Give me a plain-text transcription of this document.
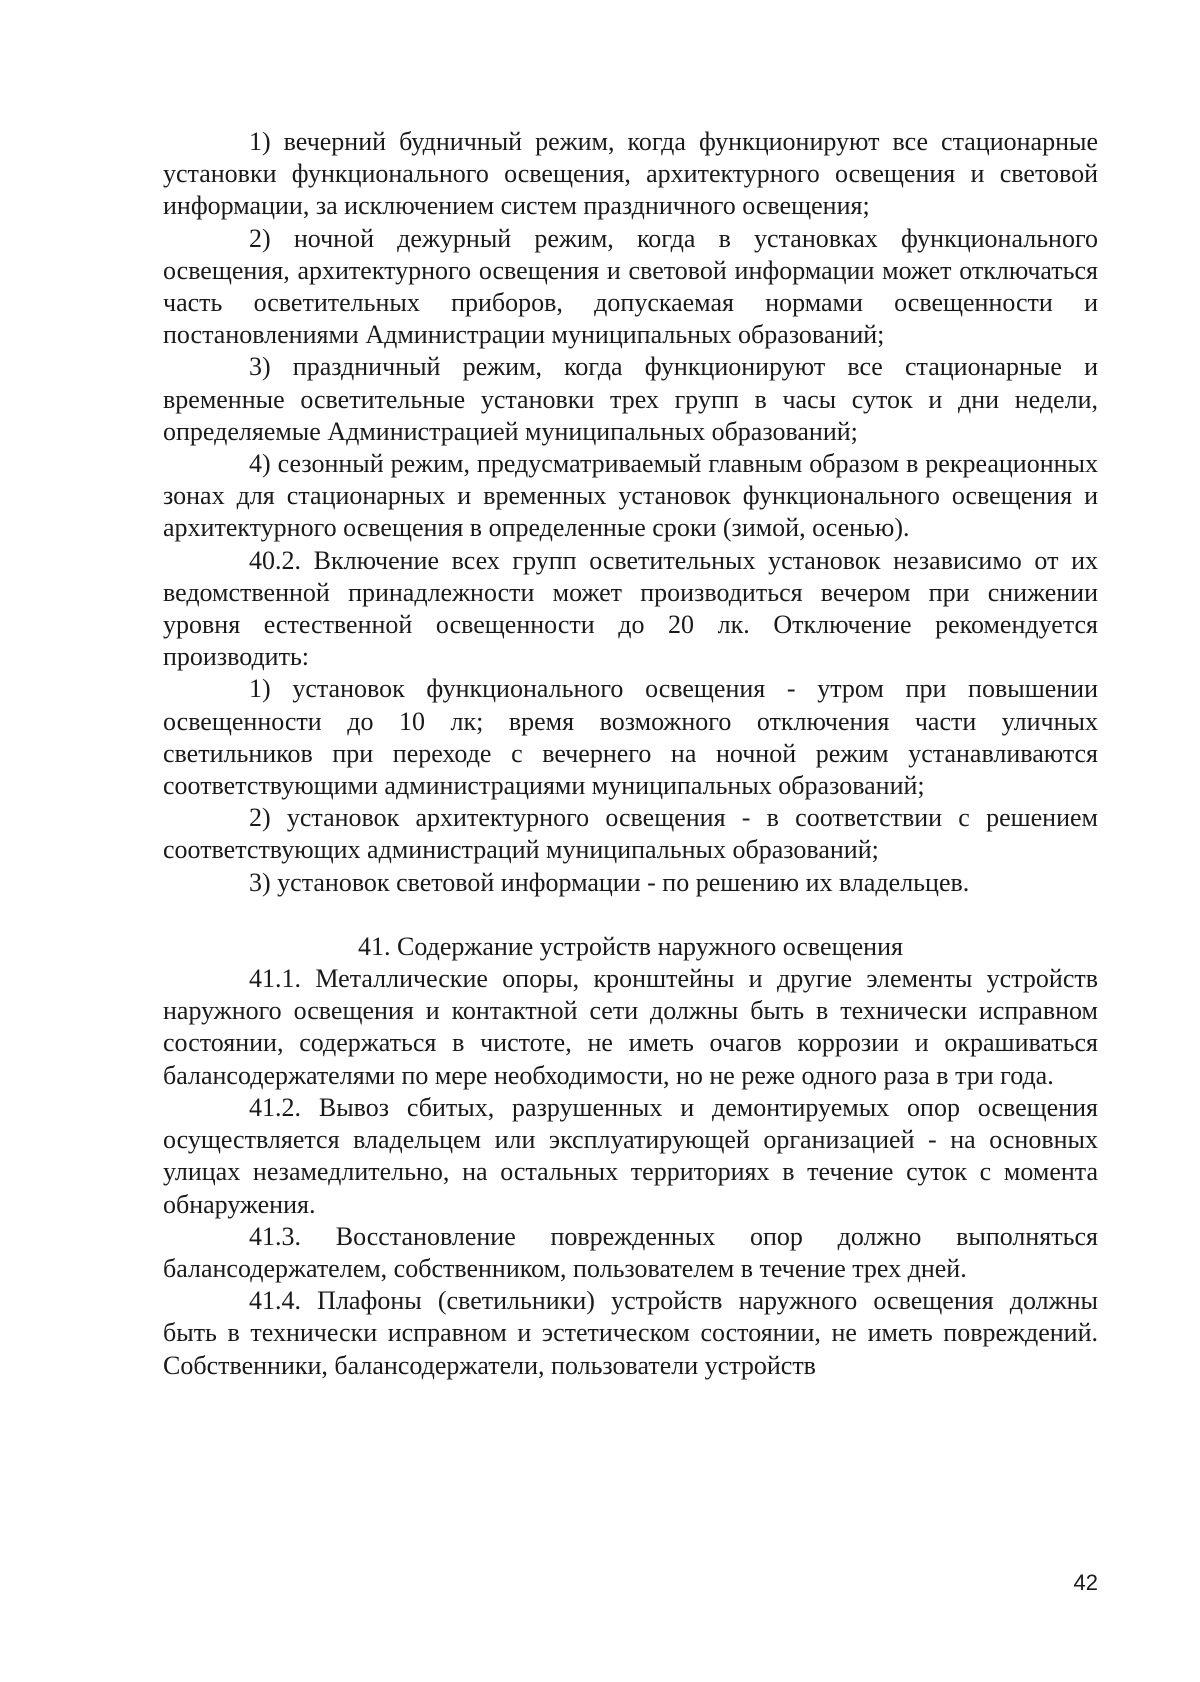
1) вечерний будничный режим, когда функционируют все стационарные установки функционального освещения, архитектурного освещения и световой информации, за исключением систем праздничного освещения;

2) ночной дежурный режим, когда в установках функционального освещения, архитектурного освещения и световой информации может отключаться часть осветительных приборов, допускаемая нормами освещенности и постановлениями Администрации муниципальных образований;

3) праздничный режим, когда функционируют все стационарные и временные осветительные установки трех групп в часы суток и дни недели, определяемые Администрацией муниципальных образований;

4) сезонный режим, предусматриваемый главным образом в рекреационных зонах для стационарных и временных установок функционального освещения и архитектурного освещения в определенные сроки (зимой, осенью).

40.2. Включение всех групп осветительных установок независимо от их ведомственной принадлежности может производиться вечером при снижении уровня естественной освещенности до 20 лк. Отключение рекомендуется производить:

1) установок функционального освещения - утром при повышении освещенности до 10 лк; время возможного отключения части уличных светильников при переходе с вечернего на ночной режим устанавливаются соответствующими администрациями муниципальных образований;

2) установок архитектурного освещения - в соответствии с решением соответствующих администраций муниципальных образований;

3) установок световой информации - по решению их владельцев.

41. Содержание устройств наружного освещения

41.1. Металлические опоры, кронштейны и другие элементы устройств наружного освещения и контактной сети должны быть в технически исправном состоянии, содержаться в чистоте, не иметь очагов коррозии и окрашиваться балансодержателями по мере необходимости, но не реже одного раза в три года.

41.2. Вывоз сбитых, разрушенных и демонтируемых опор освещения осуществляется владельцем или эксплуатирующей организацией - на основных улицах незамедлительно, на остальных территориях в течение суток с момента обнаружения.

41.3. Восстановление поврежденных опор должно выполняться балансодержателем, собственником, пользователем в течение трех дней.

41.4. Плафоны (светильники) устройств наружного освещения должны быть в технически исправном и эстетическом состоянии, не иметь повреждений. Собственники, балансодержатели, пользователи устройств

42
